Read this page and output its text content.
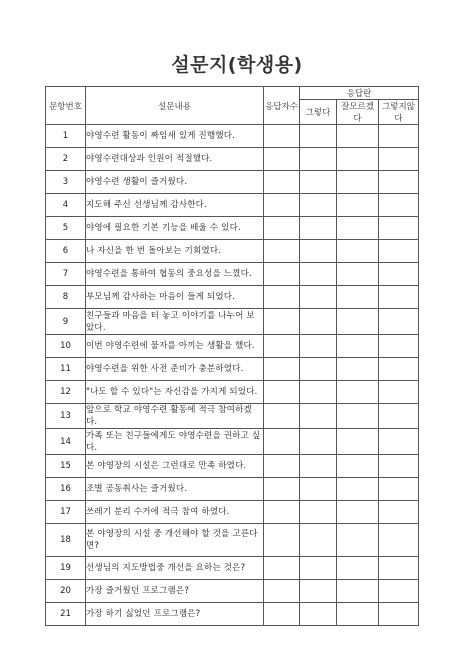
설문지(학생용)
문항번호	설문내용	응답자수	응답란		
			그렇다	잘모르겠다	그렇지않다
1	야영수련 활동이 짜임새 있게 진행했다.				
2	야영수련대상과 인원이 적절했다.				
3	야영수련 생활이 즐거웠다.				
4	지도해 주신 선생님께 감사한다.				
5	야영에 필요한 기본 기능을 배울 수 있다.				
6	나 자신을 한 번 돌아보는 기회였다.				
7	야영수련을 통하여 협동의 중요성을 느꼈다.				
8	부모님께 감사하는 마음이 들게 되었다.				
9	친구들과 마음을 터 놓고 이야기를 나누어 보았다.				
10	이번 야영수련에 물자를 아끼는 생활을 했다.				
11	야영수련을 위한 사전 준비가 충분하였다.				
12	"나도 할 수 있다"는 자신감을 가지게 되었다.				
13	앞으로 학교 야영수련 활동에 적극 참여하겠다.				
14	가족 또는 친구들에게도 야영수련을 권하고 싶다.				
15	본 야영장의 시설은 그런대로 만족 하였다.				
16	조별 공동취사는 즐거웠다.				
17	쓰레기 분리 수거에 적극 참여 하였다.				
18	본 야영장의 시설 중 개선해야 할 것을 고른다면?				
19	선생님의 지도방법중 개선을 요하는 것은?				
20	가장 즐거웠던 프로그램은?				
21	가장 하기 싫었던 프로그램은?				
